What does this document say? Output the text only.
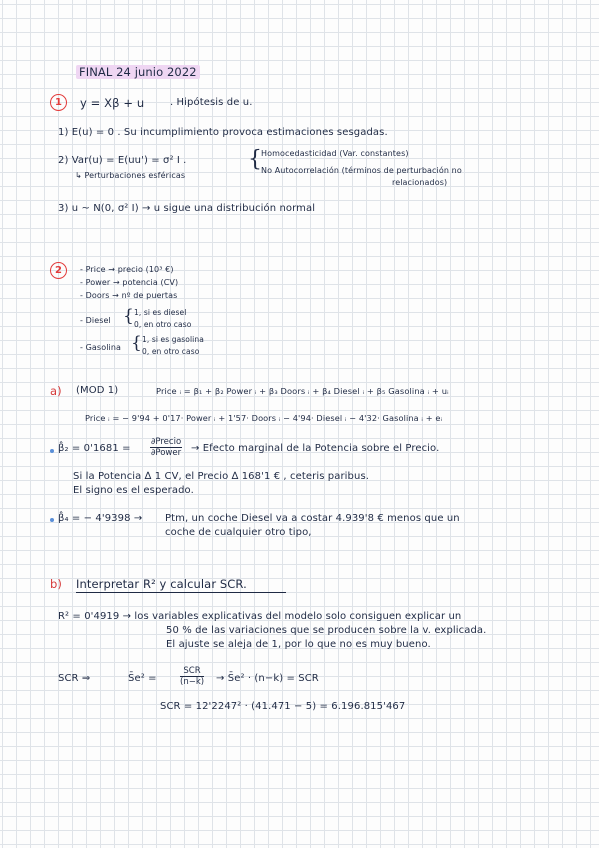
FINAL 24 junio 2022
1	y = Xβ + u	. Hipótesis de u.
1) E(u) = 0 . Su incumplimiento provoca estimaciones sesgadas.
2) Var(u) = E(uu') = σ² I .
↳ Perturbaciones esféricas
{ Homocedasticidad (Var. constantes)
No Autocorrelación (términos de perturbación no
relacionados)
3) u ~ N(0, σ² I) → u sigue una distribución normal
2	- Price → precio (10³ €)
- Power → potencia (CV)
- Doors → nº de puertas
- Diesel { 1, si es diesel
0, en otro caso
- Gasolina { 1, si es gasolina
0, en otro caso
a) (MOD 1)	Price ᵢ = β₁ + β₂ Power ᵢ + β₃ Doors ᵢ + β₄ Diesel ᵢ + β₅ Gasolina ᵢ + uᵢ
Price ᵢ = − 9'94 + 0'17· Power ᵢ + 1'57· Doors ᵢ − 4'94· Diesel ᵢ − 4'32· Gasolina ᵢ + eᵢ
β̂₂ = 0'1681 =
∂Precio
∂Power → Efecto marginal de la Potencia sobre el Precio.
Si la Potencia ∆ 1 CV, el Precio ∆ 168'1 € , ceteris paribus.
El signo es el esperado.
β̂₄ = − 4'9398 → Ptm, un coche Diesel va a costar 4.939'8 € menos que un
coche de cualquier otro tipo,
b) Interpretar R² y calcular SCR.
R² = 0'4919 → los variables explicativas del modelo solo consiguen explicar un
50 % de las variaciones que se producen sobre la v. explicada.
El ajuste se aleja de 1, por lo que no es muy bueno.
SCR ⇒	S̄e² =
SCR
(n−k) → S̄e² · (n−k) = SCR
SCR = 12'2247² · (41.471 − 5) = 6.196.815'467
